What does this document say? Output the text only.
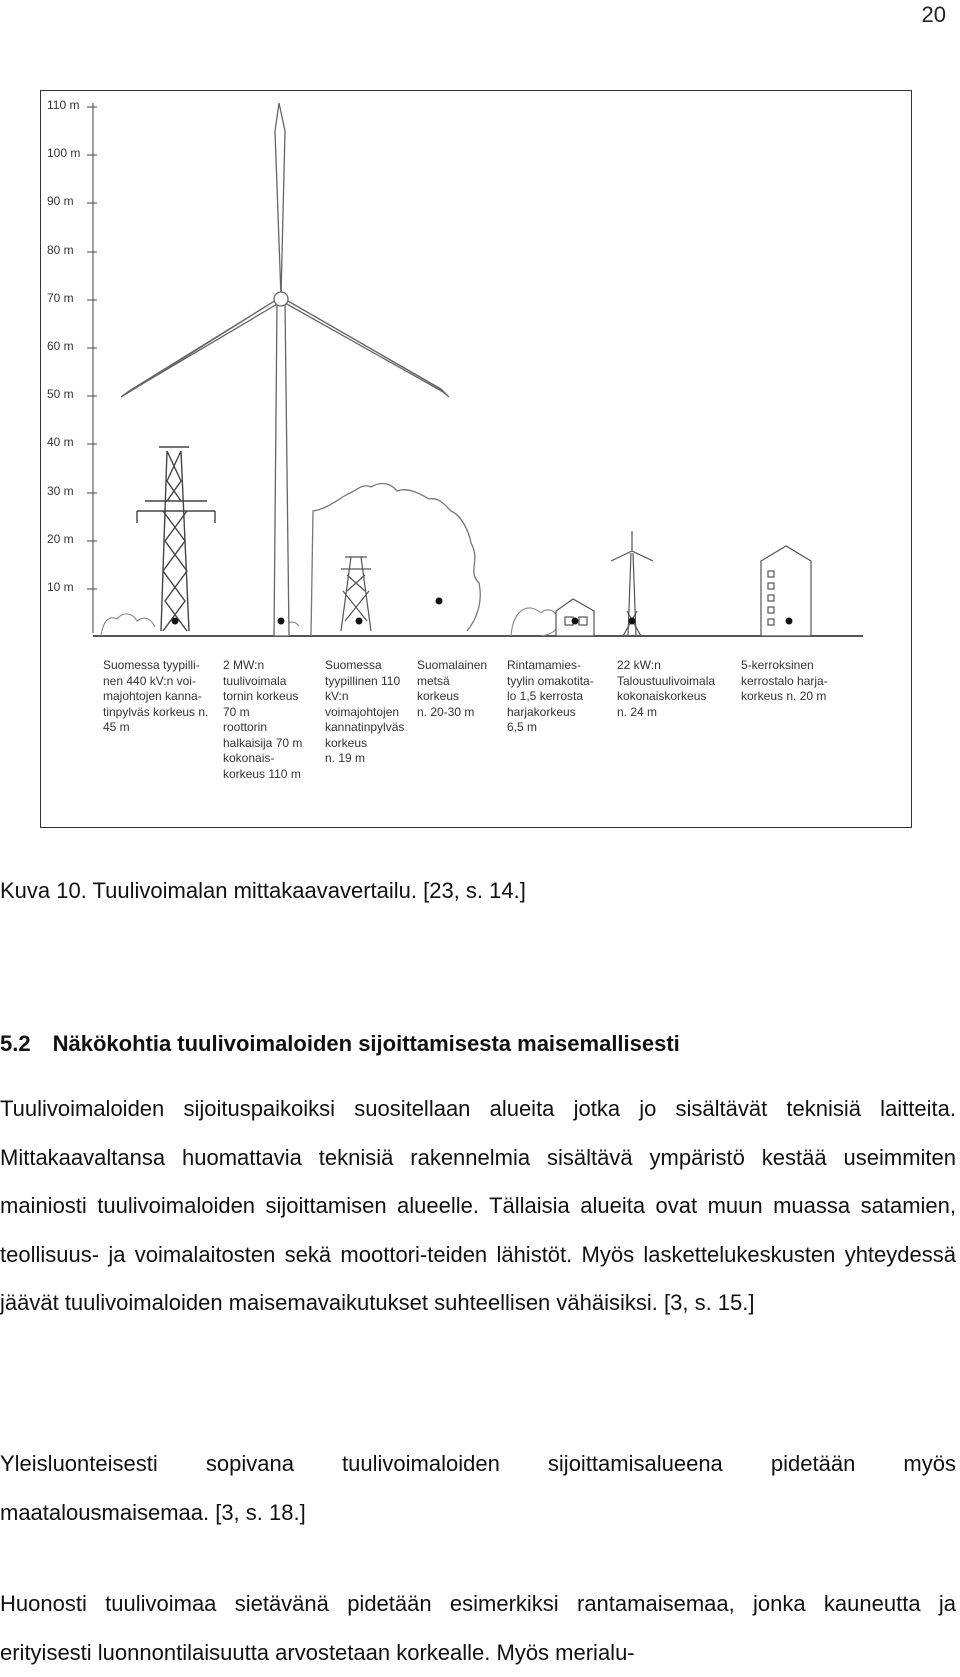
20
110 m
100 m
90 m
80 m
70 m
60 m
50 m
40 m
30 m
20 m
10 m
Suomessa tyypilli-
nen 440 kV:n voi-
majohtojen kanna-
tinpylväs korkeus n.
45 m
2 MW:n
tuulivoimala
tornin korkeus
70 m
roottorin
halkaisija 70 m
kokonais-
korkeus 110 m
Suomessa
tyypillinen 110
kV:n
voimajohtojen
kannatinpylväs
korkeus
n. 19 m
Suomalainen
metsä
korkeus
n. 20-30 m
Rintamamies-
tyylin omakotita-
lo 1,5 kerrosta
harjakorkeus
6,5 m
22 kW:n
Taloustuulivoimala
kokonaiskorkeus
n. 24 m
5-kerroksinen
kerrostalo harja-
korkeus n. 20 m
Kuva 10. Tuulivoimalan mittakaavavertailu. [23, s. 14.]
5.2 Näkökohtia tuulivoimaloiden sijoittamisesta maisemallisesti
Tuulivoimaloiden sijoituspaikoiksi suositellaan alueita jotka jo sisältävät teknisiä laitteita. Mittakaavaltansa huomattavia teknisiä rakennelmia sisältävä ympäristö kestää useimmiten mainiosti tuulivoimaloiden sijoittamisen alueelle. Tällaisia alueita ovat muun muassa satamien, teollisuus- ja voimalaitosten sekä moottori-teiden lähistöt. Myös laskettelukeskusten yhteydessä jäävät tuulivoimaloiden maisemavaikutukset suhteellisen vähäisiksi. [3, s. 15.]
Yleisluonteisesti sopivana tuulivoimaloiden sijoittamisalueena pidetään myös maatalousmaisemaa. [3, s. 18.]
Huonosti tuulivoimaa sietävänä pidetään esimerkiksi rantamaisemaa, jonka kauneutta ja erityisesti luonnontilaisuutta arvostetaan korkealle. Myös merialu-
